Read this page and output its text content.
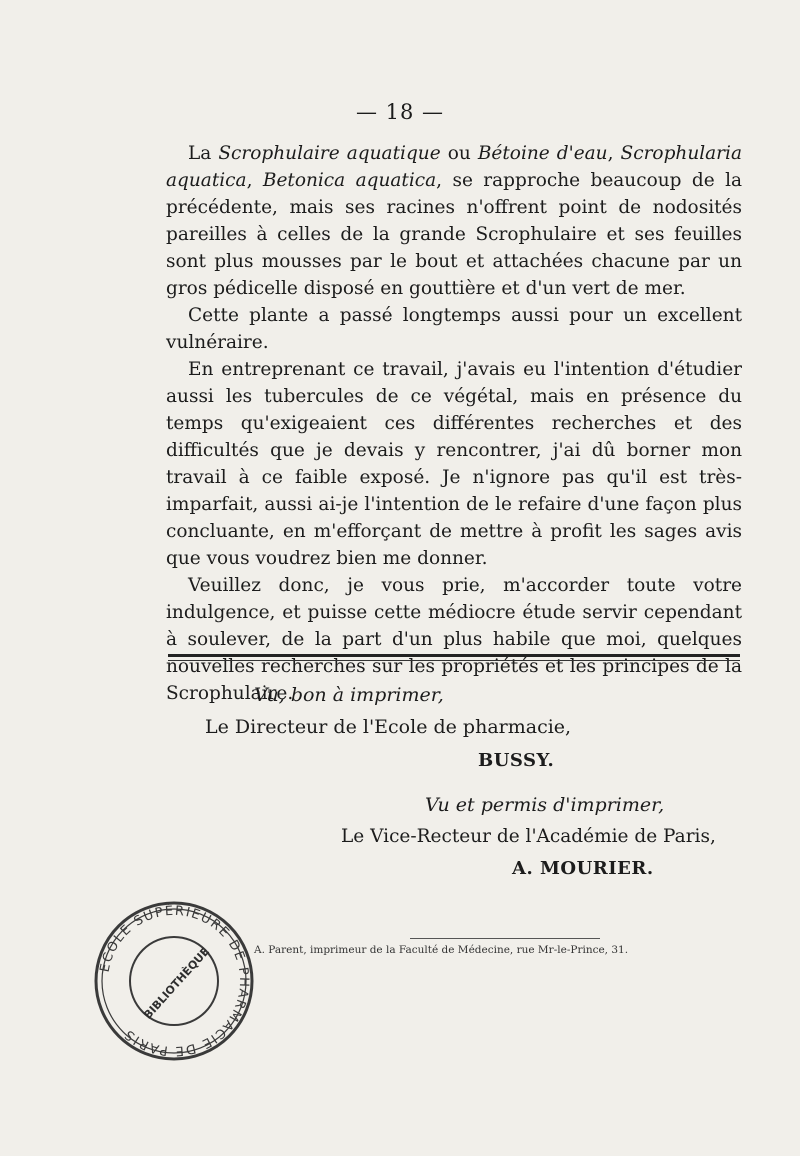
— 18 —

La Scrophulaire aquatique ou Bétoine d'eau, Scrophularia aquatica, Betonica aquatica, se rapproche beaucoup de la précédente, mais ses racines n'offrent point de nodosités pareilles à celles de la grande Scrophulaire et ses feuilles sont plus mousses par le bout et attachées chacune par un gros pédicelle disposé en gouttière et d'un vert de mer.

Cette plante a passé longtemps aussi pour un excellent vulnéraire.

En entreprenant ce travail, j'avais eu l'intention d'étudier aussi les tubercules de ce végétal, mais en présence du temps qu'exigeaient ces différentes recherches et des difficultés que je devais y rencontrer, j'ai dû borner mon travail à ce faible exposé. Je n'ignore pas qu'il est très-imparfait, aussi ai-je l'intention de le refaire d'une façon plus concluante, en m'efforçant de mettre à profit les sages avis que vous voudrez bien me donner.

Veuillez donc, je vous prie, m'accorder toute votre indulgence, et puisse cette médiocre étude servir cependant à soulever, de la part d'un plus habile que moi, quelques nouvelles recherches sur les propriétés et les principes de la Scrophulaire.

Vu, bon à imprimer,
Le Directeur de l'Ecole de pharmacie,
BUSSY.
Vu et permis d'imprimer,
Le Vice-Recteur de l'Académie de Paris,
A. MOURIER.
A. Parent, imprimeur de la Faculté de Médecine, rue Mr-le-Prince, 31.
ÉCOLE SUPÉRIEURE DE PHARMACIE DE PARIS
BIBLIOTHÈQUE
